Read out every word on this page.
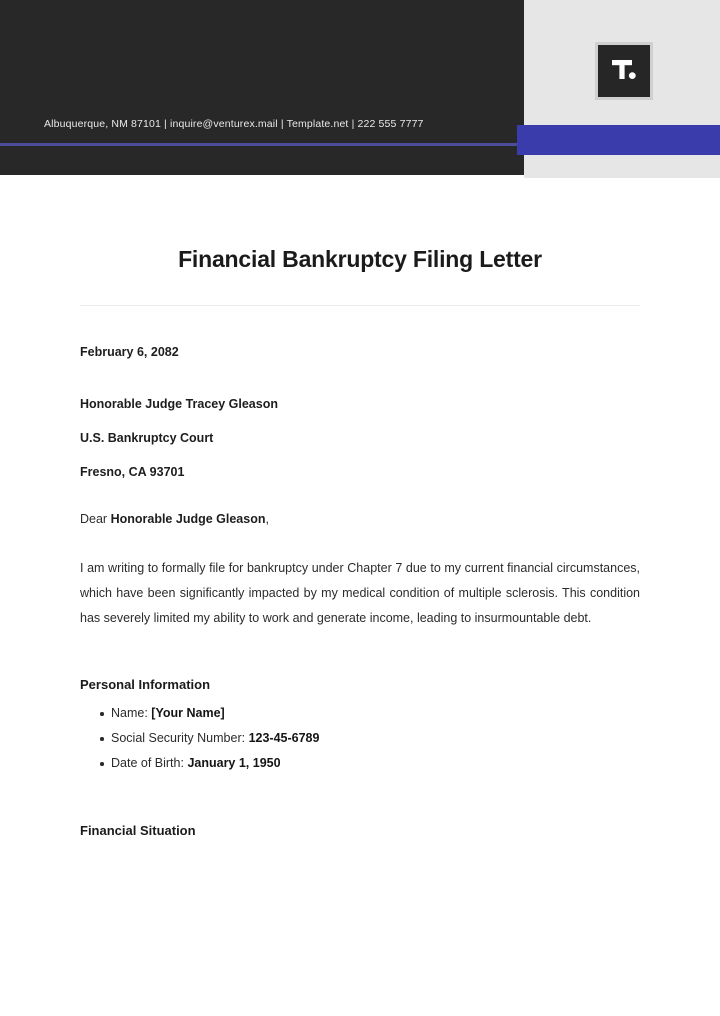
Albuquerque, NM 87101 | inquire@venturex.mail | Template.net | 222 555 7777
Financial Bankruptcy Filing Letter
February 6, 2082
Honorable Judge Tracey Gleason
U.S. Bankruptcy Court
Fresno, CA 93701
Dear Honorable Judge Gleason,

I am writing to formally file for bankruptcy under Chapter 7 due to my current financial circumstances, which have been significantly impacted by my medical condition of multiple sclerosis. This condition has severely limited my ability to work and generate income, leading to insurmountable debt.

Personal Information
Name: [Your Name]
Social Security Number: 123-45-6789
Date of Birth: January 1, 1950
Financial Situation
